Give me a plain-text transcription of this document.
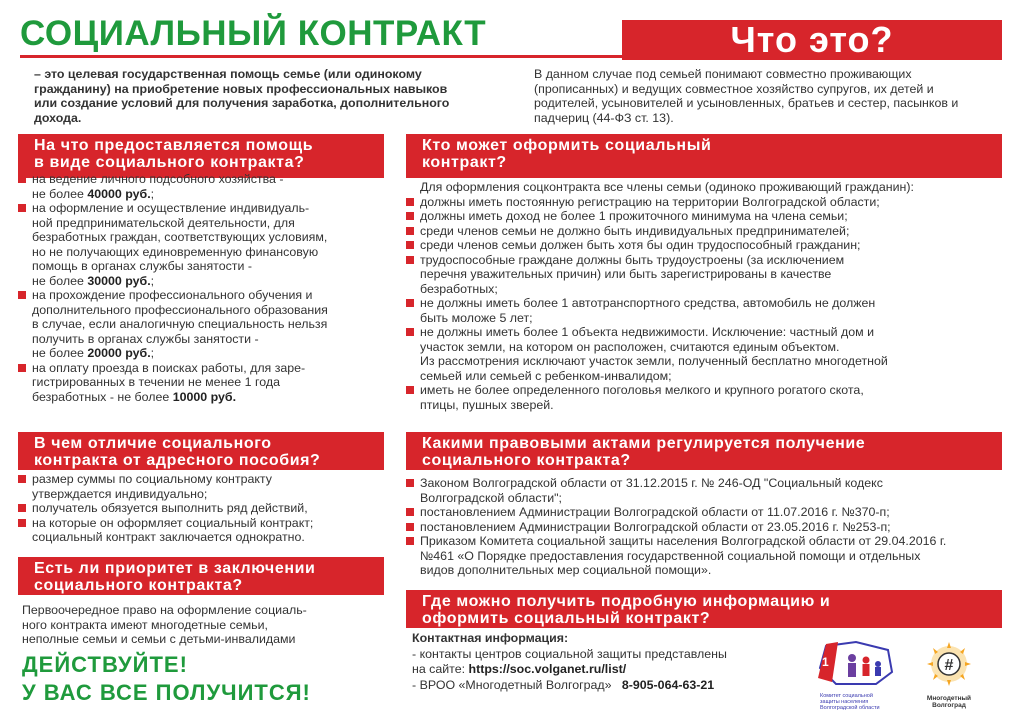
СОЦИАЛЬНЫЙ КОНТРАКТ	Что это?
– это целевая государственная помощь семье (или одинокому гражданину) на приобретение новых профессиональных навыков или создание условий для получения заработка, дополнительного дохода.
В данном случае под семьей понимают совместно проживающих (прописанных) и ведущих совместное хозяйство супругов, их детей и родителей, усыновителей и усыновленных, братьев и сестер, пасынков и падчериц (44-ФЗ ст. 13).
На что предоставляется помощь
в виде социального контракта?
на ведение личного подсобного хозяйства -
не более 40000 руб.;
на оформление и осуществление индивидуаль-
ной предпринимательской деятельности, для
безработных граждан, соответствующих условиям,
но не получающих единовременную финансовую
помощь в органах службы занятости -
не более 30000 руб.;
на прохождение профессионального обучения и
дополнительного профессионального образования
в случае, если аналогичную специальность нельзя
получить в органах службы занятости -
не более 20000 руб.;
на оплату проезда в поисках работы, для заре-
гистрированных в течении не менее 1 года
безработных - не более 10000 руб.
Кто может оформить социальный
контракт?
Для оформления соцконтракта все члены семьи (одиноко проживающий гражданин):
должны иметь постоянную регистрацию на территории Волгоградской области;
должны иметь доход не более 1 прожиточного минимума на члена семьи;
среди членов семьи не должно быть индивидуальных предпринимателей;
среди членов семьи должен быть хотя бы один трудоспособный гражданин;
трудоспособные граждане должны быть трудоустроены (за исключением
перечня уважительных причин) или быть зарегистрированы в качестве
безработных;
не должны иметь более 1 автотранспортного средства, автомобиль не должен
быть моложе 5 лет;
не должны иметь более 1 объекта недвижимости. Исключение: частный дом и
участок земли, на котором он расположен, считаются единым объектом.
Из рассмотрения исключают участок земли, полученный бесплатно многодетной
семьей или семьей с ребенком-инвалидом;
иметь не более определенного поголовья мелкого и крупного рогатого скота,
птицы, пушных зверей.
В чем отличие социального
контракта от адресного пособия?
размер суммы по социальному контракту
утверждается индивидуально;
получатель обязуется выполнить ряд действий,
на которые он оформляет социальный контракт;
социальный контракт заключается однократно.
Какими правовыми актами регулируется получение
социального контракта?
Законом Волгоградской области от 31.12.2015 г. № 246-ОД "Социальный кодекс
Волгоградской области";
постановлением Администрации Волгоградской области от 11.07.2016 г. №370-п;
постановлением Администрации Волгоградской области от 23.05.2016 г. №253-п;
Приказом Комитета социальной защиты населения Волгоградской области от 29.04.2016 г.
№461 «О Порядке предоставления государственной социальной помощи и отдельных
видов дополнительных мер социальной помощи».
Есть ли приоритет в заключении
социального контракта?
Первоочередное право на оформление социаль-
ного контракта имеют многодетные семьи,
неполные семьи и семьи с детьми-инвалидами
ДЕЙСТВУЙТЕ!
У ВАС ВСЕ ПОЛУЧИТСЯ!
Где можно получить подробную информацию и
оформить социальный контракт?
Контактная информация:
- контакты центров социальной защиты представлены
на сайте: https://soc.volganet.ru/list/
- ВРОО «Многодетный Волгоград» 8-905-064-63-21
1
Комитет социальной защиты населения Волгоградской области
#
Многодетный
Волгоград
